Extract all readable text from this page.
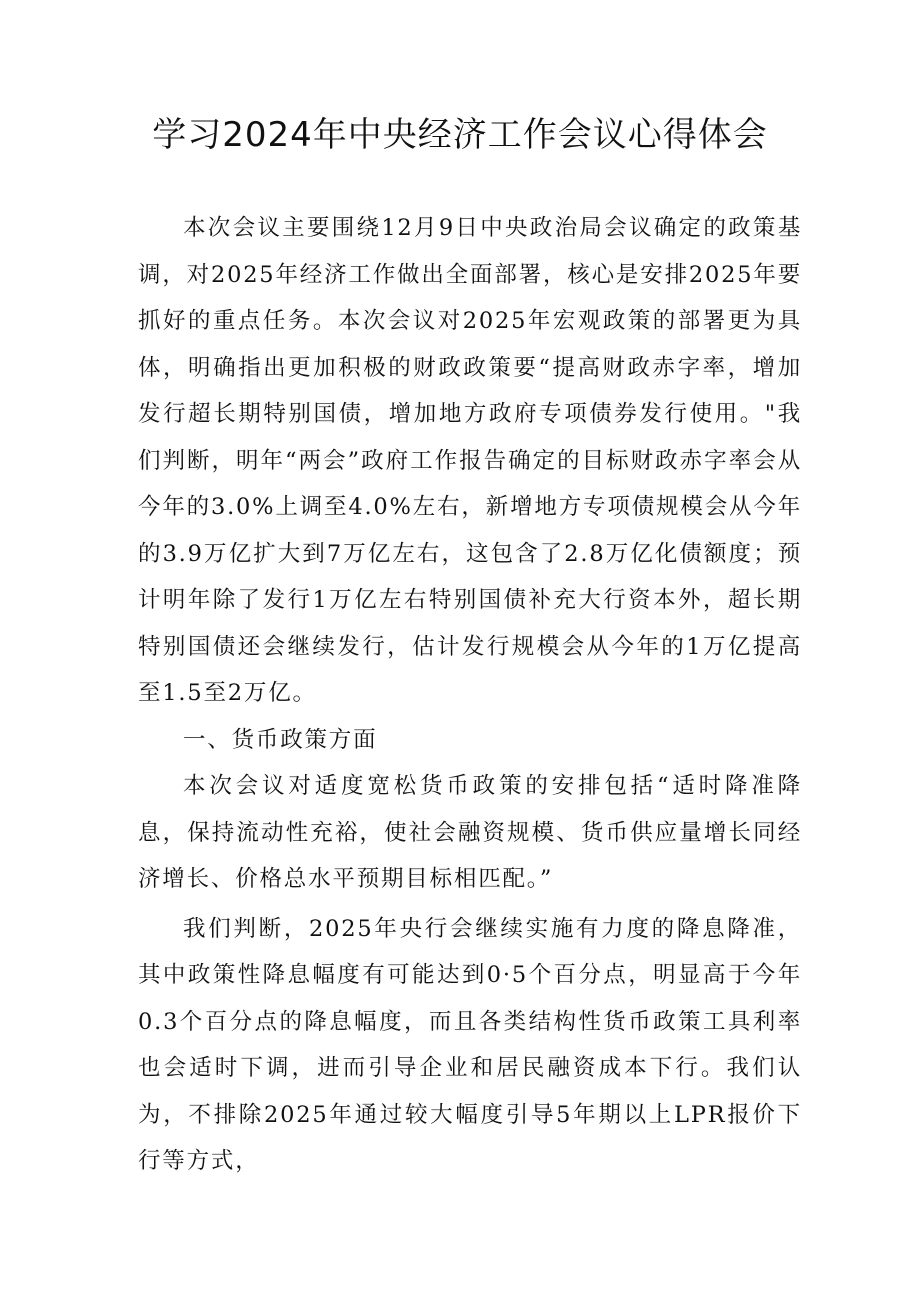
学习2024年中央经济工作会议心得体会

本次会议主要围绕12月9日中央政治局会议确定的政策基调，对2025年经济工作做出全面部署，核心是安排2025年要抓好的重点任务。本次会议对2025年宏观政策的部署更为具体，明确指出更加积极的财政政策要“提高财政赤字率，增加发行超长期特别国债，增加地方政府专项债券发行使用。"我们判断，明年“两会”政府工作报告确定的目标财政赤字率会从今年的3.0%上调至4.0%左右，新增地方专项债规模会从今年的3.9万亿扩大到7万亿左右，这包含了2.8万亿化债额度；预计明年除了发行1万亿左右特别国债补充大行资本外，超长期特别国债还会继续发行，估计发行规模会从今年的1万亿提高至1.5至2万亿。

一、货币政策方面

本次会议对适度宽松货币政策的安排包括“适时降准降息，保持流动性充裕，使社会融资规模、货币供应量增长同经济增长、价格总水平预期目标相匹配。”

我们判断，2025年央行会继续实施有力度的降息降准，其中政策性降息幅度有可能达到0·5个百分点，明显高于今年0.3个百分点的降息幅度，而且各类结构性货币政策工具利率也会适时下调，进而引导企业和居民融资成本下行。我们认为，不排除2025年通过较大幅度引导5年期以上LPR报价下行等方式，
